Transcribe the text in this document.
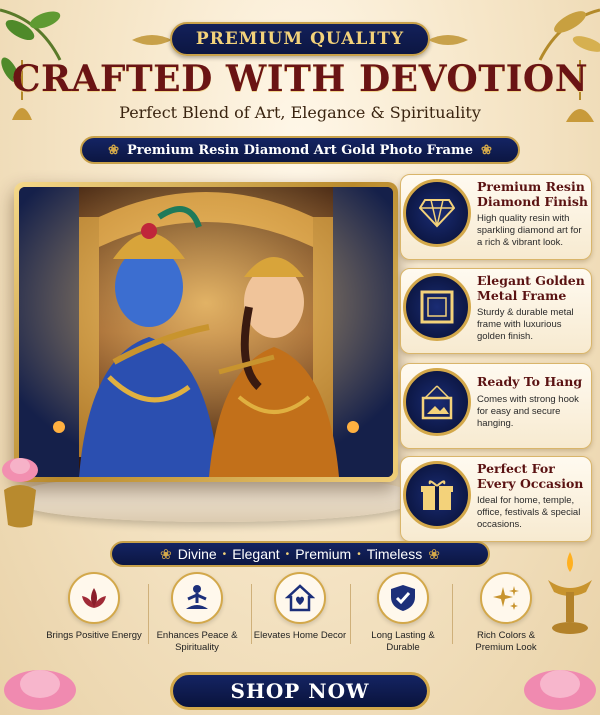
PREMIUM QUALITY
CRAFTED WITH DEVOTION
Perfect Blend of Art, Elegance & Spirituality
❀ Premium Resin Diamond Art Gold Photo Frame ❀
Premium Resin Diamond Finish
High quality resin with sparkling diamond art for a rich & vibrant look.
Elegant Golden Metal Frame
Sturdy & durable metal frame with luxurious golden finish.
Ready To Hang
Comes with strong hook for easy and secure hanging.
Perfect For Every Occasion
Ideal for home, temple, office, festivals & special occasions.
❀ Divine • Elegant • Premium • Timeless ❀
Brings Positive Energy	Enhances Peace & Spirituality
Elevates Home Decor	Long Lasting & Durable
Rich Colors & Premium Look
SHOP NOW
